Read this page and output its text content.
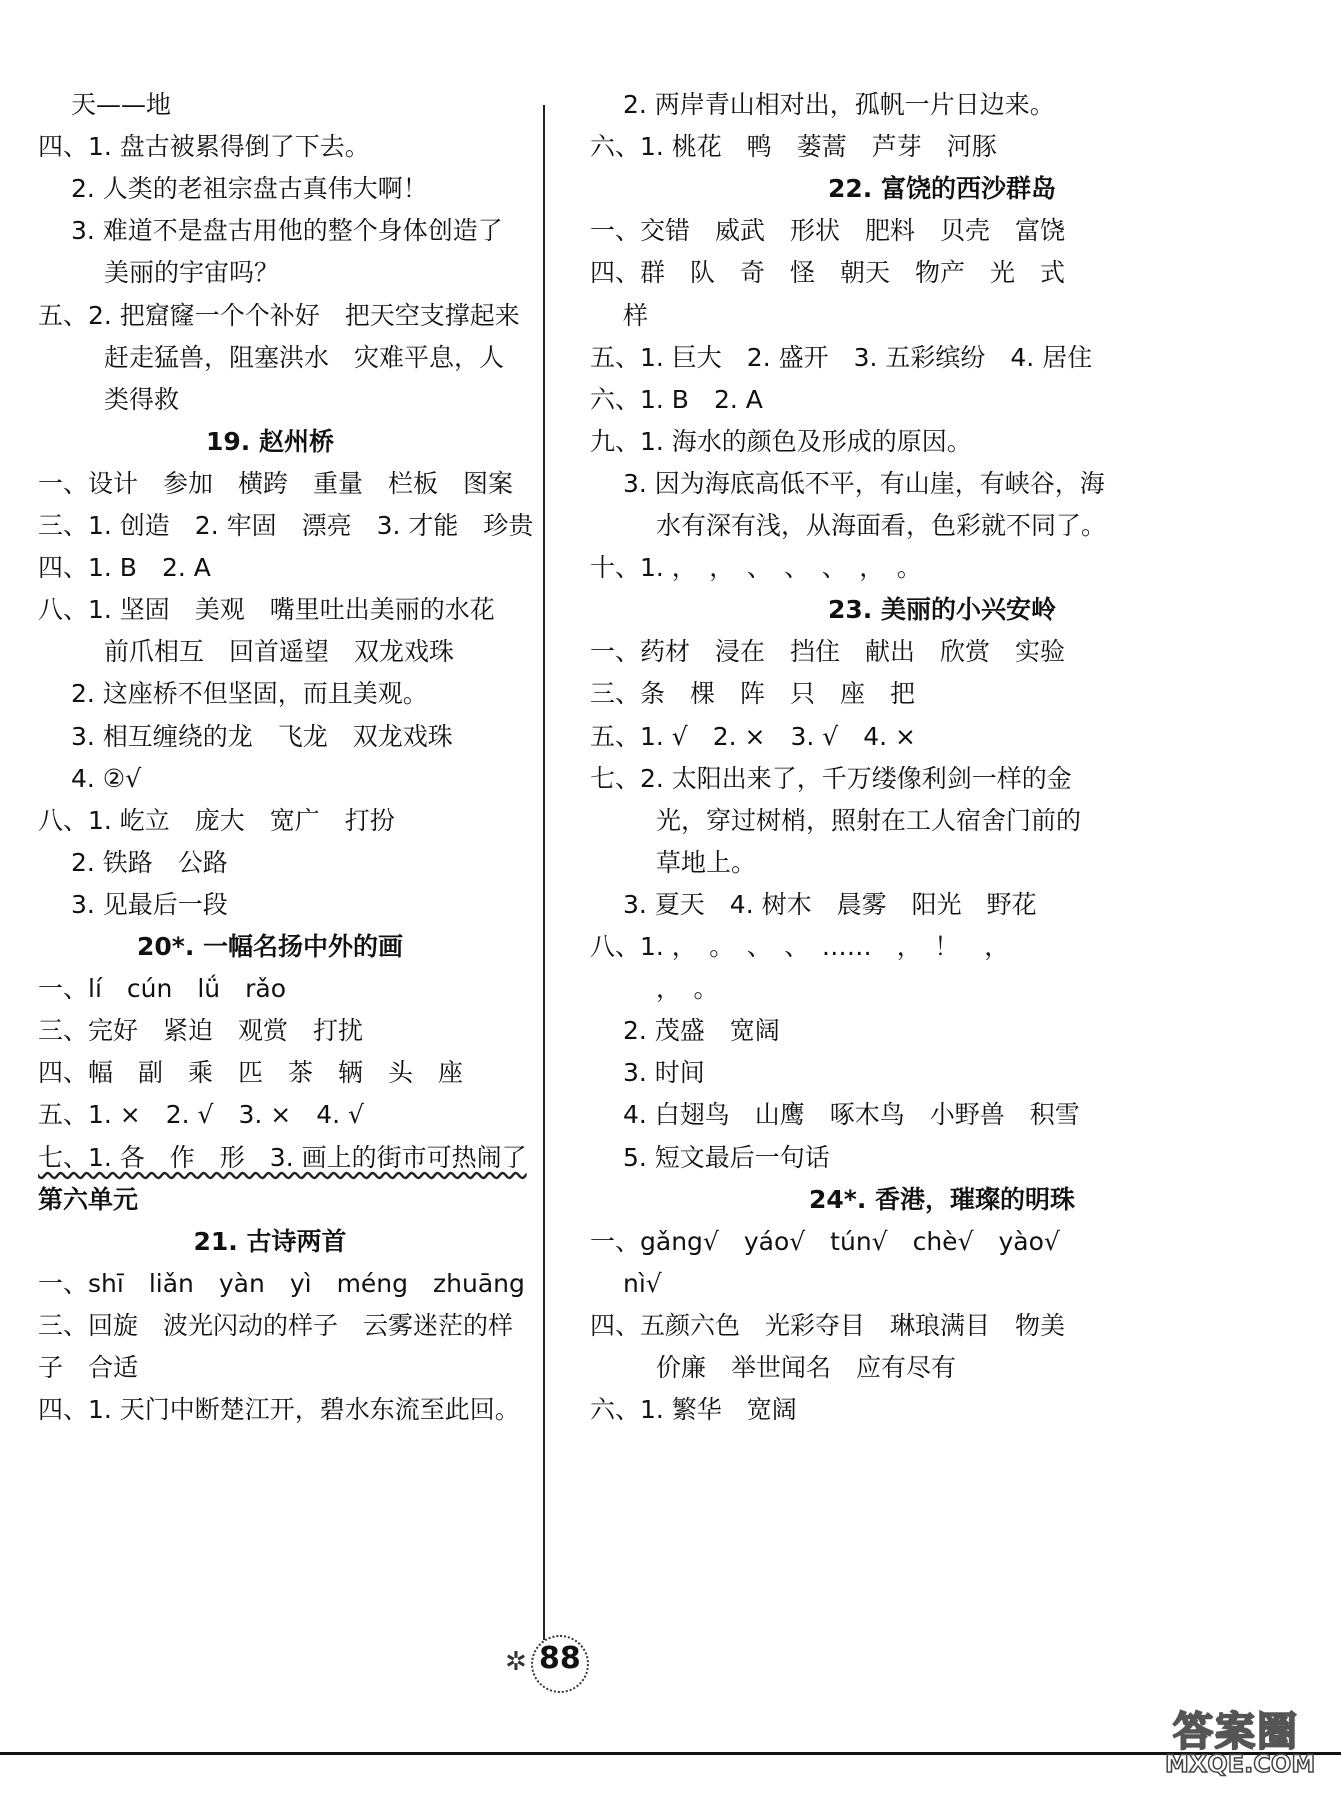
天——地
四、1. 盘古被累得倒了下去。
2. 人类的老祖宗盘古真伟大啊！
3. 难道不是盘古用他的整个身体创造了
美丽的宇宙吗？
五、2. 把窟窿一个个补好　把天空支撑起来
赶走猛兽，阻塞洪水　灾难平息，人
类得救
19. 赵州桥
一、设计　参加　横跨　重量　栏板　图案
三、1. 创造　2. 牢固　漂亮　3. 才能　珍贵
四、1. B　2. A
八、1. 坚固　美观　嘴里吐出美丽的水花
前爪相互　回首遥望　双龙戏珠
2. 这座桥不但坚固，而且美观。
3. 相互缠绕的龙　飞龙　双龙戏珠
4. ②√
八、1. 屹立　庞大　宽广　打扮
2. 铁路　公路
3. 见最后一段
20*. 一幅名扬中外的画
一、lí　cún　lǘ　rǎo
三、完好　紧迫　观赏　打扰
四、幅　副　乘　匹　茶　辆　头　座
五、1. ×　2. √　3. ×　4. √
七、1. 各　作　形　3. 画上的街市可热闹了
第六单元
21. 古诗两首
一、shī　liǎn　yàn　yì　méng　zhuāng
三、回旋　波光闪动的样子　云雾迷茫的样
子　合适
四、1. 天门中断楚江开，碧水东流至此回。
2. 两岸青山相对出，孤帆一片日边来。
六、1. 桃花　鸭　蒌蒿　芦芽　河豚
22. 富饶的西沙群岛
一、交错　威武　形状　肥料　贝壳　富饶
四、群　队　奇　怪　朝天　物产　光　式
样
五、1. 巨大　2. 盛开　3. 五彩缤纷　4. 居住
六、1. B　2. A
九、1. 海水的颜色及形成的原因。
3. 因为海底高低不平，有山崖，有峡谷，海
水有深有浅，从海面看，色彩就不同了。
十、1. ，　，　、　、　、　，　。
23. 美丽的小兴安岭
一、药材　浸在　挡住　献出　欣赏　实验
三、条　棵　阵　只　座　把
五、1. √　2. ×　3. √　4. ×
七、2. 太阳出来了，千万缕像利剑一样的金
光，穿过树梢，照射在工人宿舍门前的
草地上。
3. 夏天　4. 树木　晨雾　阳光　野花
八、1. ，　。　、　、　……　，　！　，
，　。
2. 茂盛　宽阔
3. 时间
4. 白翅鸟　山鹰　啄木鸟　小野兽　积雪
5. 短文最后一句话
24*. 香港，璀璨的明珠
一、gǎng√　yáo√　tún√　chè√　yào√
nì√
四、五颜六色　光彩夺目　琳琅满目　物美
价廉　举世闻名　应有尽有
六、1. 繁华　宽阔
✲ 88
答案圈
MXQE.COM
